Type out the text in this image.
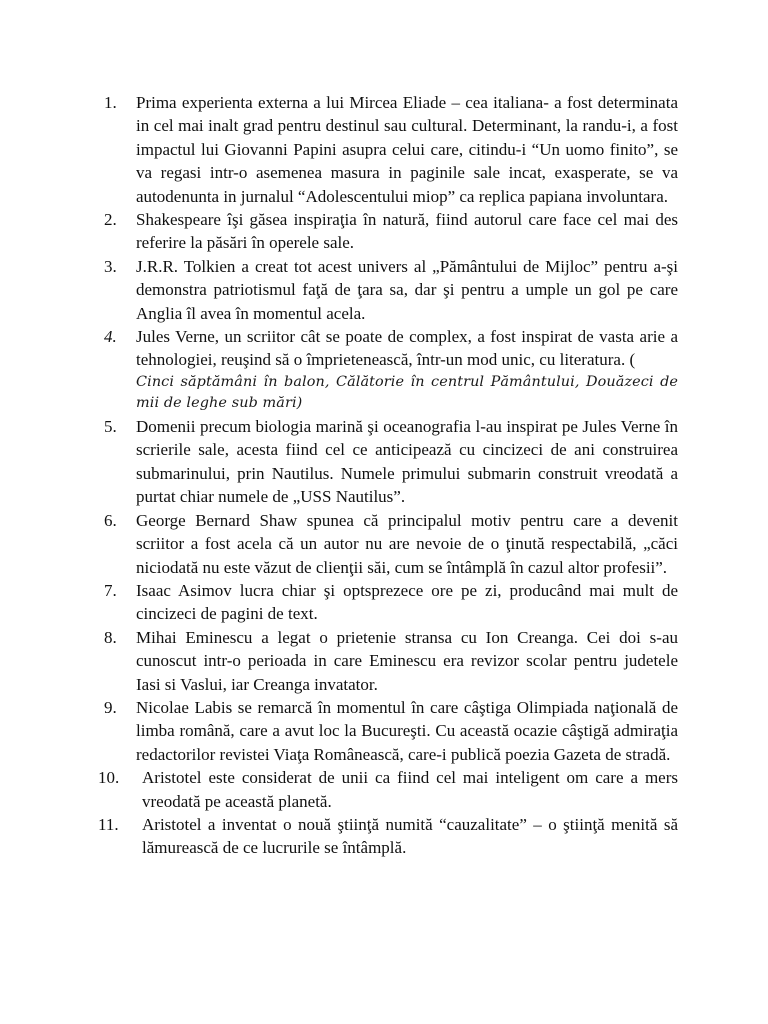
1.	Prima experienta externa a lui Mircea Eliade – cea italiana- a fost determinata in cel mai inalt grad pentru destinul sau cultural. Determinant, la randu-i, a fost impactul lui Giovanni Papini asupra celui care, citindu-i “Un uomo finito”, se va regasi intr-o asemenea masura in paginile sale incat, exasperate, se va autodenunta in jurnalul “Adolescentului miop” ca replica papiana involuntara.
2.	Shakespeare îşi găsea inspiraţia în natură, fiind autorul care face cel mai des referire la păsări în operele sale.
3.	J.R.R. Tolkien a creat tot acest univers al „Pământului de Mijloc” pentru a-şi demonstra patriotismul faţă de ţara sa, dar şi pentru a umple un gol pe care Anglia îl avea în momentul acela.
4.	Jules Verne, un scriitor cât se poate de complex, a fost inspirat de vasta arie a tehnologiei, reuşind să o împrietenească, într-un mod unic, cu literatura. (
Cinci săptămâni în balon, Călătorie în centrul Pământului, Douăzeci de mii de leghe sub mări)
5.	Domenii precum biologia marină şi oceanografia l-au inspirat pe Jules Verne în scrierile sale, acesta fiind cel ce anticipează cu cincizeci de ani construirea submarinului, prin Nautilus. Numele primului submarin construit vreodată a purtat chiar numele de „USS Nautilus”.
6.	George Bernard Shaw spunea că principalul motiv pentru care a devenit scriitor a fost acela că un autor nu are nevoie de o ţinută respectabilă, „căci niciodată nu este văzut de clienţii săi, cum se întâmplă în cazul altor profesii”.
7.	Isaac Asimov lucra chiar şi optsprezece ore pe zi, producând mai mult de cincizeci de pagini de text.
8.	Mihai Eminescu a legat o prietenie stransa cu Ion Creanga. Cei doi s-au cunoscut intr-o perioada in care Eminescu era revizor scolar pentru judetele Iasi si Vaslui, iar Creanga invatator.
9.	Nicolae Labis se remarcă în momentul în care câştiga Olimpiada naţională de limba română, care a avut loc la Bucureşti. Cu această ocazie câştigă admiraţia redactorilor revistei Viaţa Românească, care-i publică poezia Gazeta de stradă.
10.	Aristotel este considerat de unii ca fiind cel mai inteligent om care a mers vreodată pe această planetă.
11.	Aristotel a inventat o nouă ştiinţă numită “cauzalitate” – o ştiinţă menită să lămurească de ce lucrurile se întâmplă.
